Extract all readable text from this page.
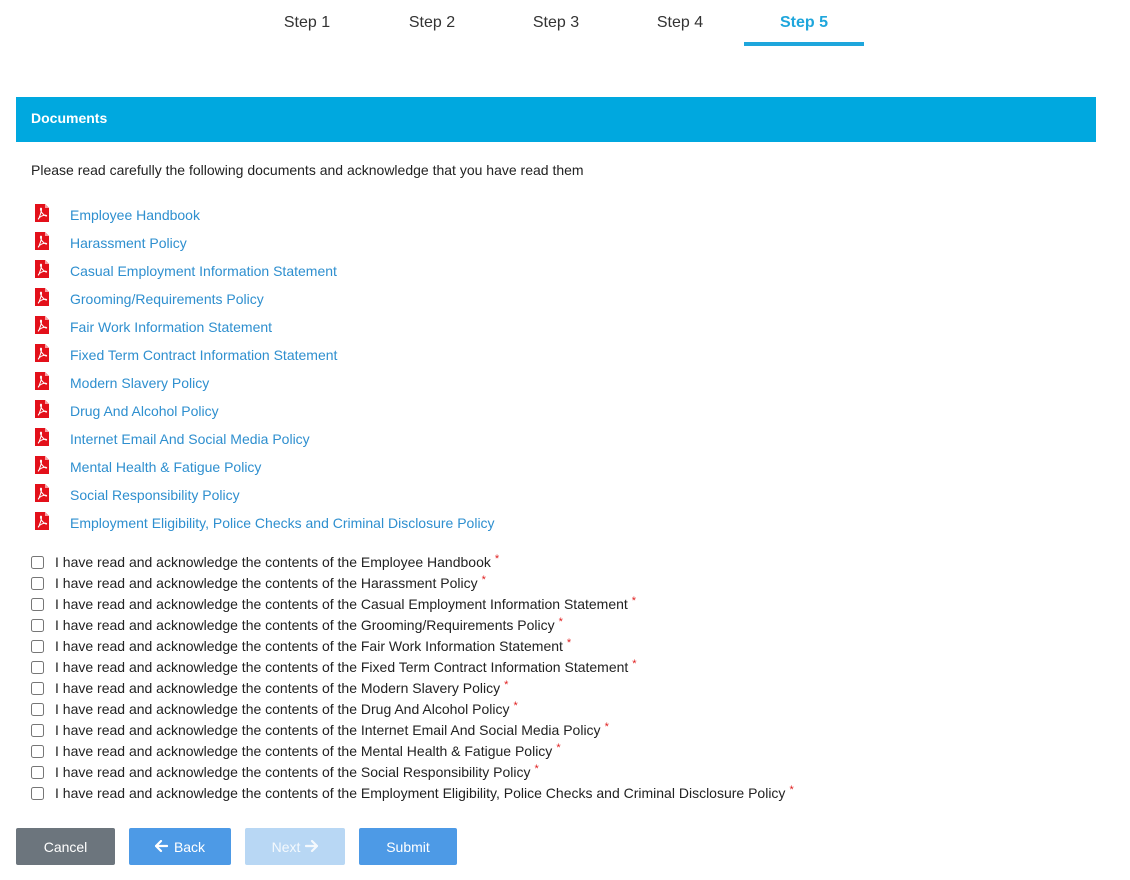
Step 1	Step 2	Step 3	Step 4	Step 5
Documents
Please read carefully the following documents and acknowledge that you have read them
Employee Handbook
Harassment Policy
Casual Employment Information Statement
Grooming/Requirements Policy
Fair Work Information Statement
Fixed Term Contract Information Statement
Modern Slavery Policy
Drug And Alcohol Policy
Internet Email And Social Media Policy
Mental Health & Fatigue Policy
Social Responsibility Policy
Employment Eligibility, Police Checks and Criminal Disclosure Policy
I have read and acknowledge the contents of the Employee Handbook *
I have read and acknowledge the contents of the Harassment Policy *
I have read and acknowledge the contents of the Casual Employment Information Statement *
I have read and acknowledge the contents of the Grooming/Requirements Policy *
I have read and acknowledge the contents of the Fair Work Information Statement *
I have read and acknowledge the contents of the Fixed Term Contract Information Statement *
I have read and acknowledge the contents of the Modern Slavery Policy *
I have read and acknowledge the contents of the Drug And Alcohol Policy *
I have read and acknowledge the contents of the Internet Email And Social Media Policy *
I have read and acknowledge the contents of the Mental Health & Fatigue Policy *
I have read and acknowledge the contents of the Social Responsibility Policy *
I have read and acknowledge the contents of the Employment Eligibility, Police Checks and Criminal Disclosure Policy *
Cancel	Back	Next	Submit
